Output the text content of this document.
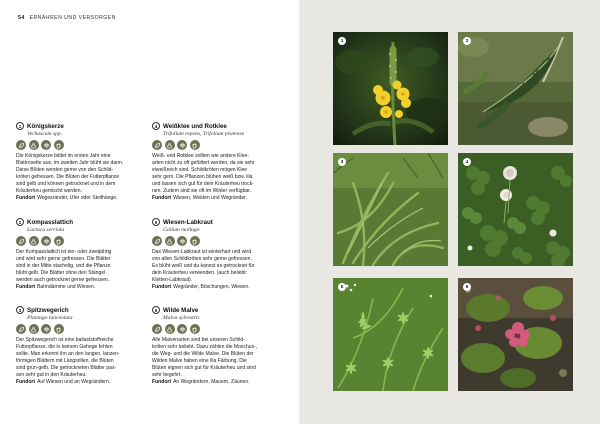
54 ERNÄHREN UND VERSORGEN
1 Königskerze
Verbascum spp.
Die Königskerze bildet im ersten Jahr eine
Blattrosette aus, im zweiten Jahr blüht sie dann.
Diese Blüten werden gerne von den Schild-
kröten gefressen. Die Blüten der Futterpflanze
sind gelb und können getrocknet und in dem
Kräuterheu gemischt werden.
Fundort Wegesränder, Ufer oder Steilhänge.
2 Kompasslattich
Lactuca serriola
Der Kompasslattich ist ein- oder zweijährig
und wird sehr gerne gefressen. Die Blätter
sind in der Mitte stachelig, und die Pflanze
blüht gelb. Die Blätter ohne den Stängel
werden auch getrocknet gerne gefressen.
Fundort Bahndämme und Wiesen.
3 Spitzwegerich
Plantago lanceolata
Der Spitzwegerich ist eine ballaststoffreiche
Futterpflanze, die in keinem Gehege fehlen
sollte. Man erkennt ihn an den langen, lanzen-
förmigen Blättern mit Längsrillen, die Blüten
sind grün-gelb. Die getrockneten Blätter pas-
sen sehr gut in den Kräuterheu.
Fundort Auf Wiesen und an Wegrändern.
4 Weißklee und Rotklee
Trifolium repens, Trifolium pratense
Weiß- und Rotklee sollten wie andere Klee-
arten nicht zu oft gefüttert werden, da sie sehr
eiweißreich sind. Schildkröten mögen Klee
sehr gern. Die Pflanzen blühen weiß bzw. lila
und lassen sich gut für dein Kräuterheu trock-
nen. Zudem sind sie oft im Winter verfügbar.
Fundort Wiesen, Weiden und Wegränder.
5 Wiesen-Labkraut
Galium mollugo
Das Wiesen-Labkraut ist winterhart und wird
von allen Schildkröten sehr gerne gefressen.
Es blüht weiß und du kannst es getrocknet für
dein Kräuterheu verwenden. (auch beliebt:
Kletten-Labkraut).
Fundort Wegränder, Böschungen, Wiesen.
6 Wilde Malve
Malva sylvestris
Alle Malvenarten sind bei unseren Schild-
kröten sehr beliebt. Dazu zählen die Moschus-,
die Weg- und die Wilde Malve. Die Blüten der
Wilden Malve haben eine lila Färbung. Die
Blüten eignen sich gut für Kräuterheu und sind
sehr begehrt.
Fundort An Wegrändern, Mauern, Zäunen.
1	2
3	4
5	6
